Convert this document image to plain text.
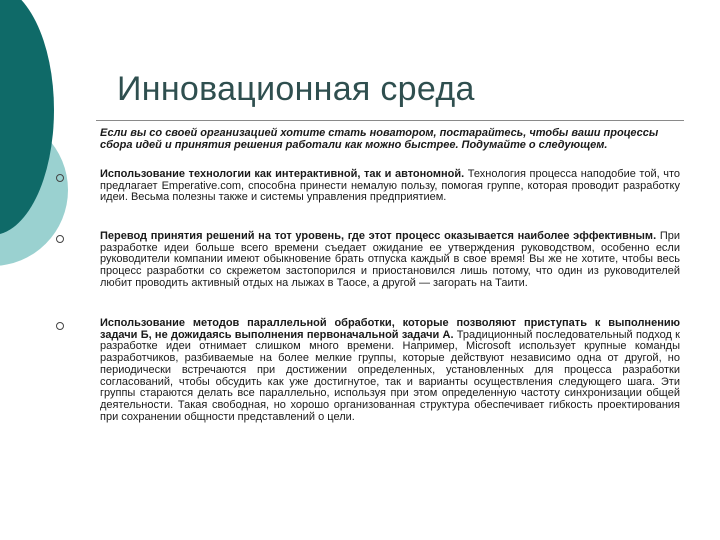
Инновационная среда
Если вы со своей организацией хотите стать новатором, постарайтесь, чтобы ваши процессы сбора идей и принятия решения работали как можно быстрее. Подумайте о следующем.
Использование технологии как интерактивной, так и автономной. Технология процесса наподобие той, что предлагает Emperative.com, способна принести немалую пользу, помогая группе, которая проводит разработку идеи. Весьма полезны также и системы управления предприятием.
Перевод принятия решений на тот уровень, где этот процесс оказывается наиболее эффективным. При разработке идеи больше всего времени съедает ожидание ее утверждения руководством, особенно если руководители компании имеют обыкновение брать отпуска каждый в свое время! Вы же не хотите, чтобы весь процесс разработки со скрежетом застопорился и приостановился лишь потому, что один из руководителей любит проводить активный отдых на лыжах в Таосе, а другой — загорать на Таити.
Использование методов параллельной обработки, которые позволяют приступать к выполнению задачи Б, не дожидаясь выполнения первоначальной задачи А. Традиционный последовательный подход к разработке идеи отнимает слишком много времени. Например, Microsoft использует крупные команды разработчиков, разбиваемые на более мелкие группы, которые действуют независимо одна от другой, но периодически встречаются при достижении определенных, установленных для процесса разработки согласований, чтобы обсудить как уже достигнутое, так и варианты осуществления следующего шага. Эти группы стараются делать все параллельно, используя при этом определенную частоту синхронизации общей деятельности. Такая свободная, но хорошо организованная структура обеспечивает гибкость проектирования при сохранении общности представлений о цели.
